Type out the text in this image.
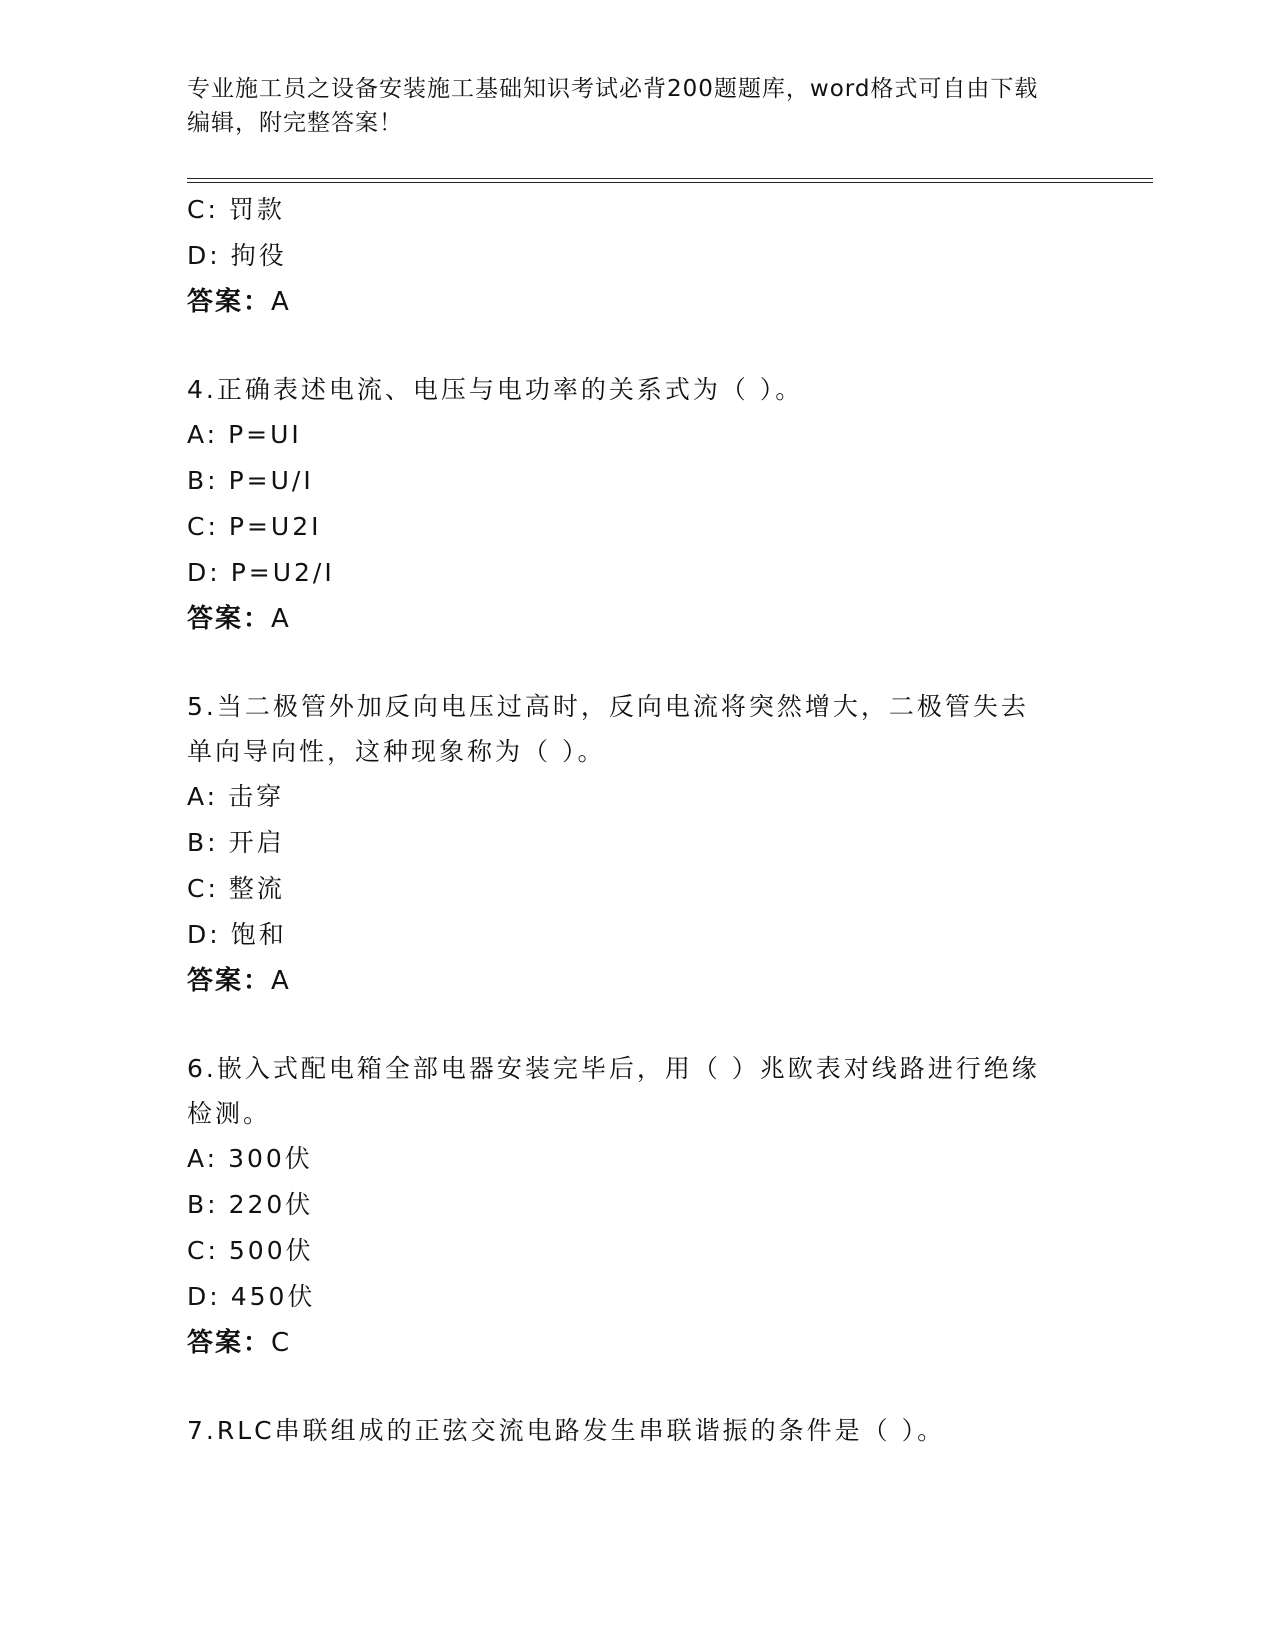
专业施工员之设备安装施工基础知识考试必背200题题库，word格式可自由下载
编辑，附完整答案！
C: 罚款
D: 拘役
答案：A
4.正确表述电流、电压与电功率的关系式为（ ）。
A: P=UI
B: P=U/I
C: P=U2I
D: P=U2/I
答案：A
5.当二极管外加反向电压过高时，反向电流将突然增大，二极管失去单向导向性，这种现象称为（ ）。
A: 击穿
B: 开启
C: 整流
D: 饱和
答案：A
6.嵌入式配电箱全部电器安装完毕后，用（ ）兆欧表对线路进行绝缘检测。
A: 300伏
B: 220伏
C: 500伏
D: 450伏
答案：C
7.RLC串联组成的正弦交流电路发生串联谐振的条件是（ ）。
